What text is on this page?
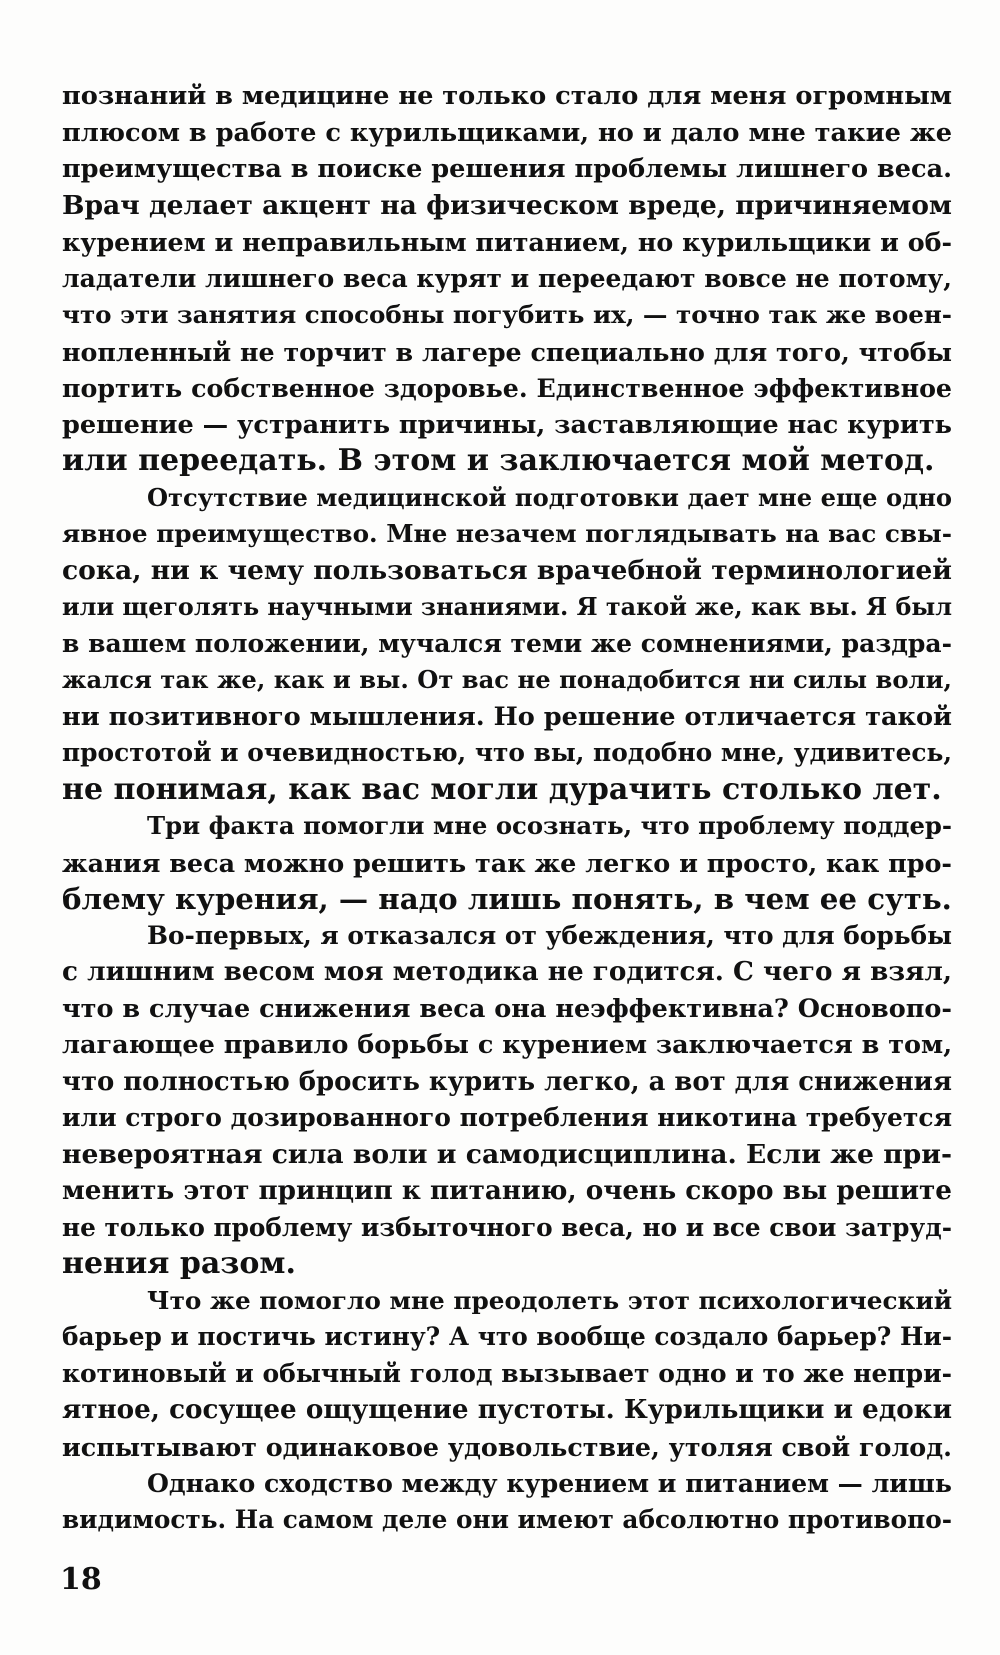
познаний в медицине не только стало для меня огромным
плюсом в работе с курильщиками, но и дало мне такие же
преимущества в поиске решения проблемы лишнего веса.
Врач делает акцент на физическом вреде, причиняемом
курением и неправильным питанием, но курильщики и об-
ладатели лишнего веса курят и переедают вовсе не потому,
что эти занятия способны погубить их, — точно так же воен-
нопленный не торчит в лагере специально для того, чтобы
портить собственное здоровье. Единственное эффективное
решение — устранить причины, заставляющие нас курить
или переедать. В этом и заключается мой метод.
Отсутствие медицинской подготовки дает мне еще одно
явное преимущество. Мне незачем поглядывать на вас свы-
сока, ни к чему пользоваться врачебной терминологией
или щеголять научными знаниями. Я такой же, как вы. Я был
в вашем положении, мучался теми же сомнениями, раздра-
жался так же, как и вы. От вас не понадобится ни силы воли,
ни позитивного мышления. Но решение отличается такой
простотой и очевидностью, что вы, подобно мне, удивитесь,
не понимая, как вас могли дурачить столько лет.
Три факта помогли мне осознать, что проблему поддер-
жания веса можно решить так же легко и просто, как про-
блему курения, — надо лишь понять, в чем ее суть.
Во-первых, я отказался от убеждения, что для борьбы
с лишним весом моя методика не годится. С чего я взял,
что в случае снижения веса она неэффективна? Основопо-
лагающее правило борьбы с курением заключается в том,
что полностью бросить курить легко, а вот для снижения
или строго дозированного потребления никотина требуется
невероятная сила воли и самодисциплина. Если же при-
менить этот принцип к питанию, очень скоро вы решите
не только проблему избыточного веса, но и все свои затруд-
нения разом.
Что же помогло мне преодолеть этот психологический
барьер и постичь истину? А что вообще создало барьер? Ни-
котиновый и обычный голод вызывает одно и то же непри-
ятное, сосущее ощущение пустоты. Курильщики и едоки
испытывают одинаковое удовольствие, утоляя свой голод.
Однако сходство между курением и питанием — лишь
видимость. На самом деле они имеют абсолютно противопо-
18
